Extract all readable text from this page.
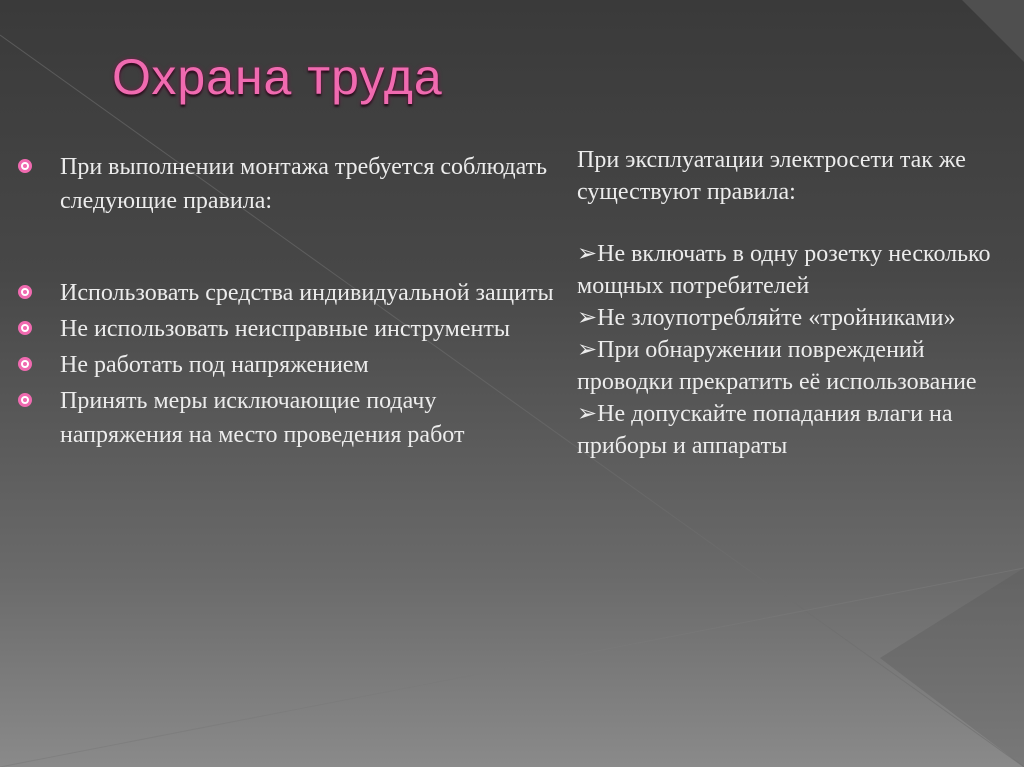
Охрана труда
При выполнении монтажа требуется соблюдать следующие правила:
Использовать средства индивидуальной защиты
Не использовать неисправные инструменты
Не работать под напряжением
Принять меры исключающие подачу напряжения на место проведения работ

При эксплуатации электросети так же существуют правила:

➢Не включать в одну розетку несколько мощных потребителей
➢Не злоупотребляйте «тройниками»
➢При обнаружении повреждений проводки прекратить её использование
➢Не допускайте попадания влаги на приборы и аппараты
